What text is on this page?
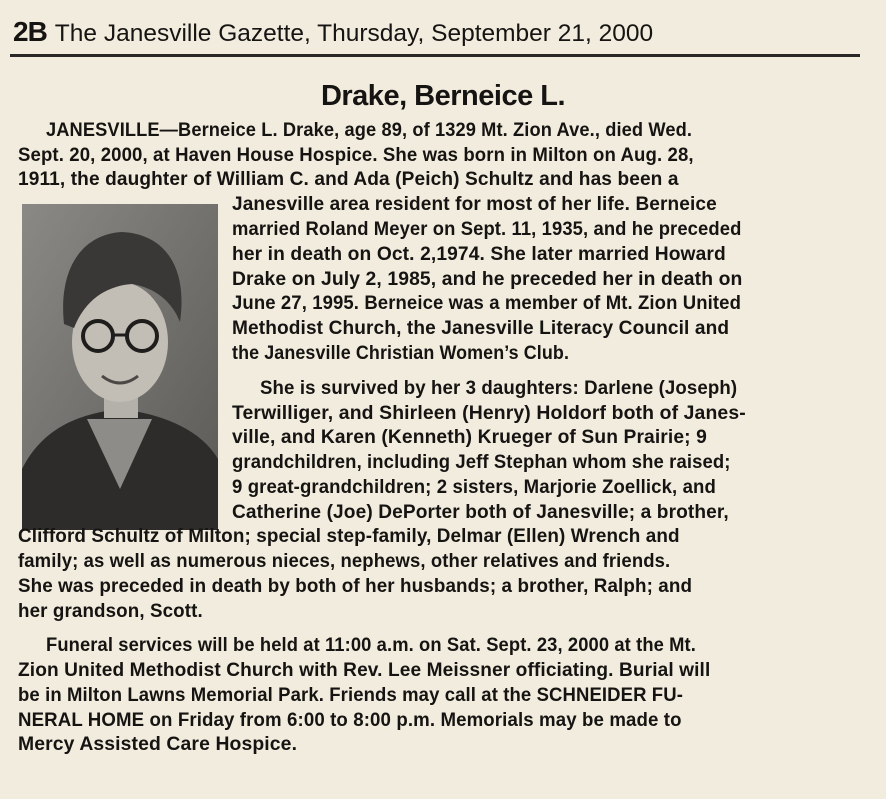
2B The Janesville Gazette, Thursday, September 21, 2000
Drake, Berneice L.
JANESVILLE—Berneice L. Drake, age 89, of 1329 Mt. Zion Ave., died Wed.
Sept. 20, 2000, at Haven House Hospice. She was born in Milton on Aug. 28,
1911, the daughter of William C. and Ada (Peich) Schultz and has been a
Janesville area resident for most of her life. Berneice
married Roland Meyer on Sept. 11, 1935, and he preceded
her in death on Oct. 2,1974. She later married Howard
Drake on July 2, 1985, and he preceded her in death on
June 27, 1995. Berneice was a member of Mt. Zion United
Methodist Church, the Janesville Literacy Council and
the Janesville Christian Women’s Club.
She is survived by her 3 daughters: Darlene (Joseph)
Terwilliger, and Shirleen (Henry) Holdorf both of Janes-
ville, and Karen (Kenneth) Krueger of Sun Prairie; 9
grandchildren, including Jeff Stephan whom she raised;
9 great-grandchildren; 2 sisters, Marjorie Zoellick, and
Catherine (Joe) DePorter both of Janesville; a brother,
Clifford Schultz of Milton; special step-family, Delmar (Ellen) Wrench and
family; as well as numerous nieces, nephews, other relatives and friends.
She was preceded in death by both of her husbands; a brother, Ralph; and
her grandson, Scott.
Funeral services will be held at 11:00 a.m. on Sat. Sept. 23, 2000 at the Mt.
Zion United Methodist Church with Rev. Lee Meissner officiating. Burial will
be in Milton Lawns Memorial Park. Friends may call at the SCHNEIDER FU-
NERAL HOME on Friday from 6:00 to 8:00 p.m. Memorials may be made to
Mercy Assisted Care Hospice.
